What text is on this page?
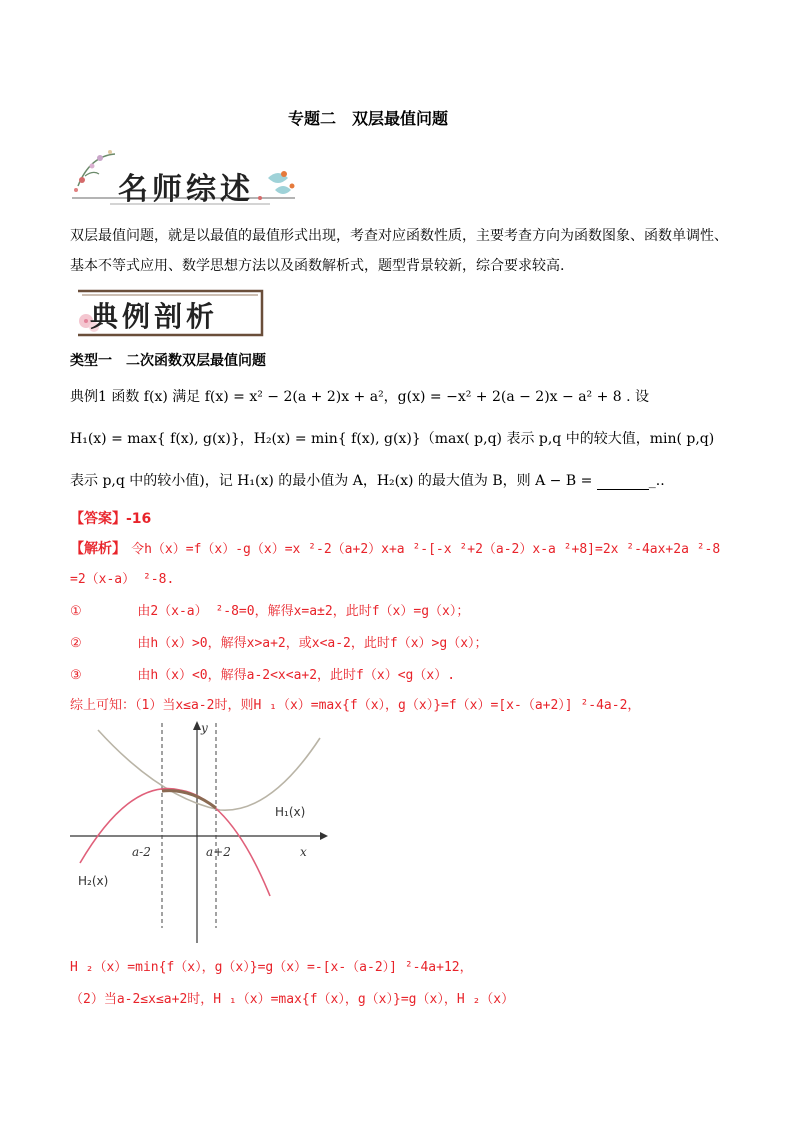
专题二　双层最值问题
名师综述
双层最值问题，就是以最值的最值形式出现，考查对应函数性质，主要考查方向为函数图象、函数单调性、
基本不等式应用、数学思想方法以及函数解析式，题型背景较新，综合要求较高.
典例剖析
类型一　二次函数双层最值问题
典例1 函数 f(x) 满足 f(x) = x² − 2(a + 2)x + a²，g(x) = −x² + 2(a − 2)x − a² + 8 . 设
H₁(x) = max{ f(x), g(x)}，H₂(x) = min{ f(x), g(x)}（max( p,q) 表示 p,q 中的较大值，min( p,q)
表示 p,q 中的较小值)，记 H₁(x) 的最小值为 A，H₂(x) 的最大值为 B，则 A − B =	_..
【答案】-16
【解析】 令h（x）=f（x）-g（x）=x ²-2（a+2）x+a ²-[-x ²+2（a-2）x-a ²+8]=2x ²-4ax+2a ²-8
=2（x-a） ²-8.
①	由2（x-a） ²-8=0，解得x=a±2，此时f（x）=g（x）；
②	由h（x）>0，解得x>a+2，或x<a-2，此时f（x）>g（x）；
③	由h（x）<0，解得a-2<x<a+2，此时f（x）<g（x）.
综上可知：（1）当x≤a-2时，则H ₁（x）=max{f（x），g（x）}=f（x）=[x-（a+2）] ²-4a-2，
y
x
a-2	a+2
H₁(x)
H₂(x)
H ₂（x）=min{f（x），g（x）}=g（x）=-[x-（a-2）] ²-4a+12，
（2）当a-2≤x≤a+2时，H ₁（x）=max{f（x），g（x）}=g（x），H ₂（x）
